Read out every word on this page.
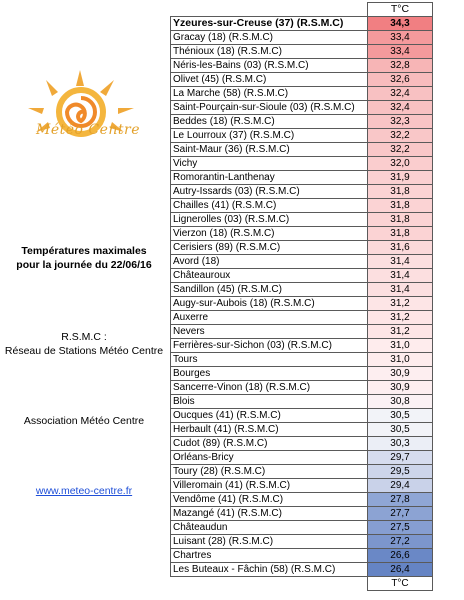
Météo Centre
Températures maximales
pour la journée du 22/06/16
R.S.M.C :
Réseau de Stations Météo Centre
Association Météo Centre
www.meteo-centre.fr
	T°C
Yzeures-sur-Creuse (37) (R.S.M.C)	34,3
Gracay (18) (R.S.M.C)	33,4
Thénioux (18) (R.S.M.C)	33,4
Néris-les-Bains (03) (R.S.M.C)	32,8
Olivet (45) (R.S.M.C)	32,6
La Marche (58) (R.S.M.C)	32,4
Saint-Pourçain-sur-Sioule (03) (R.S.M.C)	32,4
Beddes (18) (R.S.M.C)	32,3
Le Lourroux (37) (R.S.M.C)	32,2
Saint-Maur (36) (R.S.M.C)	32,2
Vichy	32,0
Romorantin-Lanthenay	31,9
Autry-Issards (03) (R.S.M.C)	31,8
Chailles (41) (R.S.M.C)	31,8
Lignerolles (03) (R.S.M.C)	31,8
Vierzon (18) (R.S.M.C)	31,8
Cerisiers (89) (R.S.M.C)	31,6
Avord (18)	31,4
Châteauroux	31,4
Sandillon (45) (R.S.M.C)	31,4
Augy-sur-Aubois (18) (R.S.M.C)	31,2
Auxerre	31,2
Nevers	31,2
Ferrières-sur-Sichon (03) (R.S.M.C)	31,0
Tours	31,0
Bourges	30,9
Sancerre-Vinon (18) (R.S.M.C)	30,9
Blois	30,8
Oucques (41) (R.S.M.C)	30,5
Herbault (41) (R.S.M.C)	30,5
Cudot (89) (R.S.M.C)	30,3
Orléans-Bricy	29,7
Toury (28) (R.S.M.C)	29,5
Villeromain (41) (R.S.M.C)	29,4
Vendôme (41) (R.S.M.C)	27,8
Mazangé (41) (R.S.M.C)	27,7
Châteaudun	27,5
Luisant (28) (R.S.M.C)	27,2
Chartres	26,6
Les Buteaux - Fâchin (58) (R.S.M.C)	26,4
	T°C
